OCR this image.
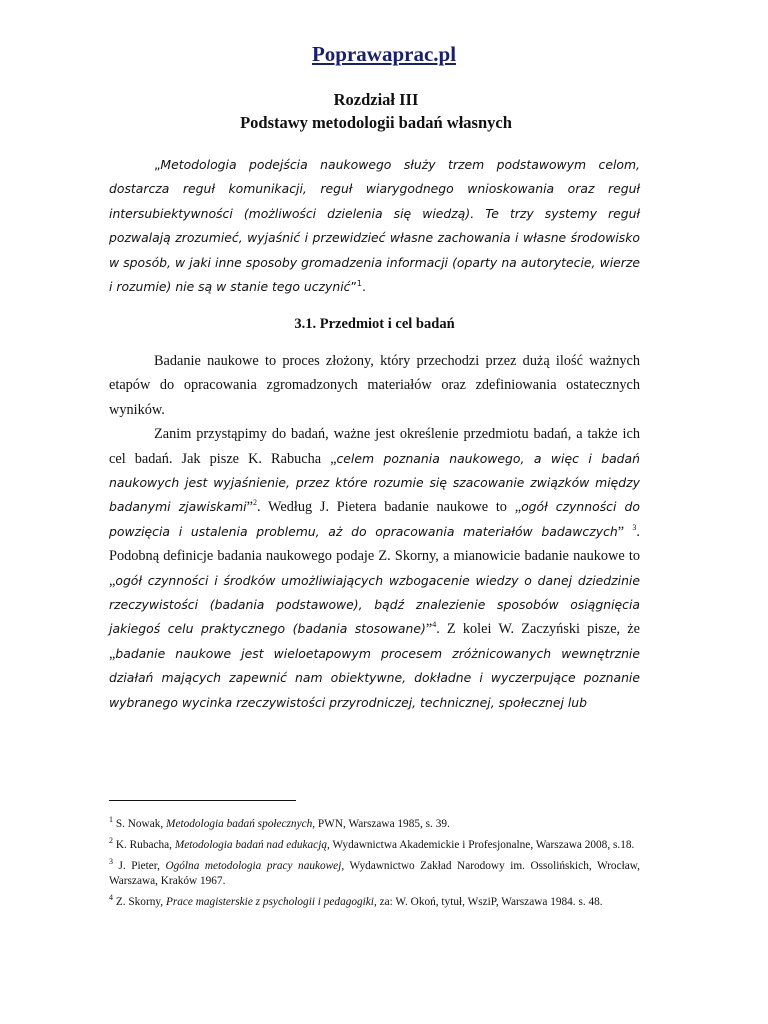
Poprawaprac.pl
Rozdział III
Podstawy metodologii badań własnych

„Metodologia podejścia naukowego służy trzem podstawowym celom, dostarcza reguł komunikacji, reguł wiarygodnego wnioskowania oraz reguł intersubiektywności (możliwości dzielenia się wiedzą). Te trzy systemy reguł pozwalają zrozumieć, wyjaśnić i przewidzieć własne zachowania i własne środowisko w sposób, w jaki inne sposoby gromadzenia informacji (oparty na autorytecie, wierze i rozumie) nie są w stanie tego uczynić”$^1$.

3.1. Przedmiot i cel badań

Badanie naukowe to proces złożony, który przechodzi przez dużą ilość ważnych etapów do opracowania zgromadzonych materiałów oraz zdefiniowania ostatecznych wyników.

Zanim przystąpimy do badań, ważne jest określenie przedmiotu badań, a także ich cel badań. Jak pisze K. Rabucha „celem poznania naukowego, a więc i badań naukowych jest wyjaśnienie, przez które rozumie się szacowanie związków między badanymi zjawiskami”$^2$. Według J. Pietera badanie naukowe to „ogół czynności do powzięcia i ustalenia problemu, aż do opracowania materiałów badawczych” $^3$. Podobną definicje badania naukowego podaje Z. Skorny, a mianowicie badanie naukowe to „ogół czynności i środków umożliwiających wzbogacenie wiedzy o danej dziedzinie rzeczywistości (badania podstawowe), bądź znalezienie sposobów osiągnięcia jakiegoś celu praktycznego (badania stosowane)”$^4$. Z kolei W. Zaczyński pisze, że „badanie naukowe jest wieloetapowym procesem zróżnicowanych wewnętrznie działań mających zapewnić nam obiektywne, dokładne i wyczerpujące poznanie wybranego wycinka rzeczywistości przyrodniczej, technicznej, społecznej lub

$^1$ S. Nowak, Metodologia badań społecznych, PWN, Warszawa 1985, s. 39.

$^2$ K. Rubacha, Metodologia badań nad edukacją, Wydawnictwa Akademickie i Profesjonalne, Warszawa 2008, s.18.

$^3$ J. Pieter, Ogólna metodologia pracy naukowej, Wydawnictwo Zakład Narodowy im. Ossolińskich, Wrocław, Warszawa, Kraków 1967.

$^4$ Z. Skorny, Prace magisterskie z psychologii i pedagogiki, za: W. Okoń, tytuł, WsziP, Warszawa 1984. s. 48.
